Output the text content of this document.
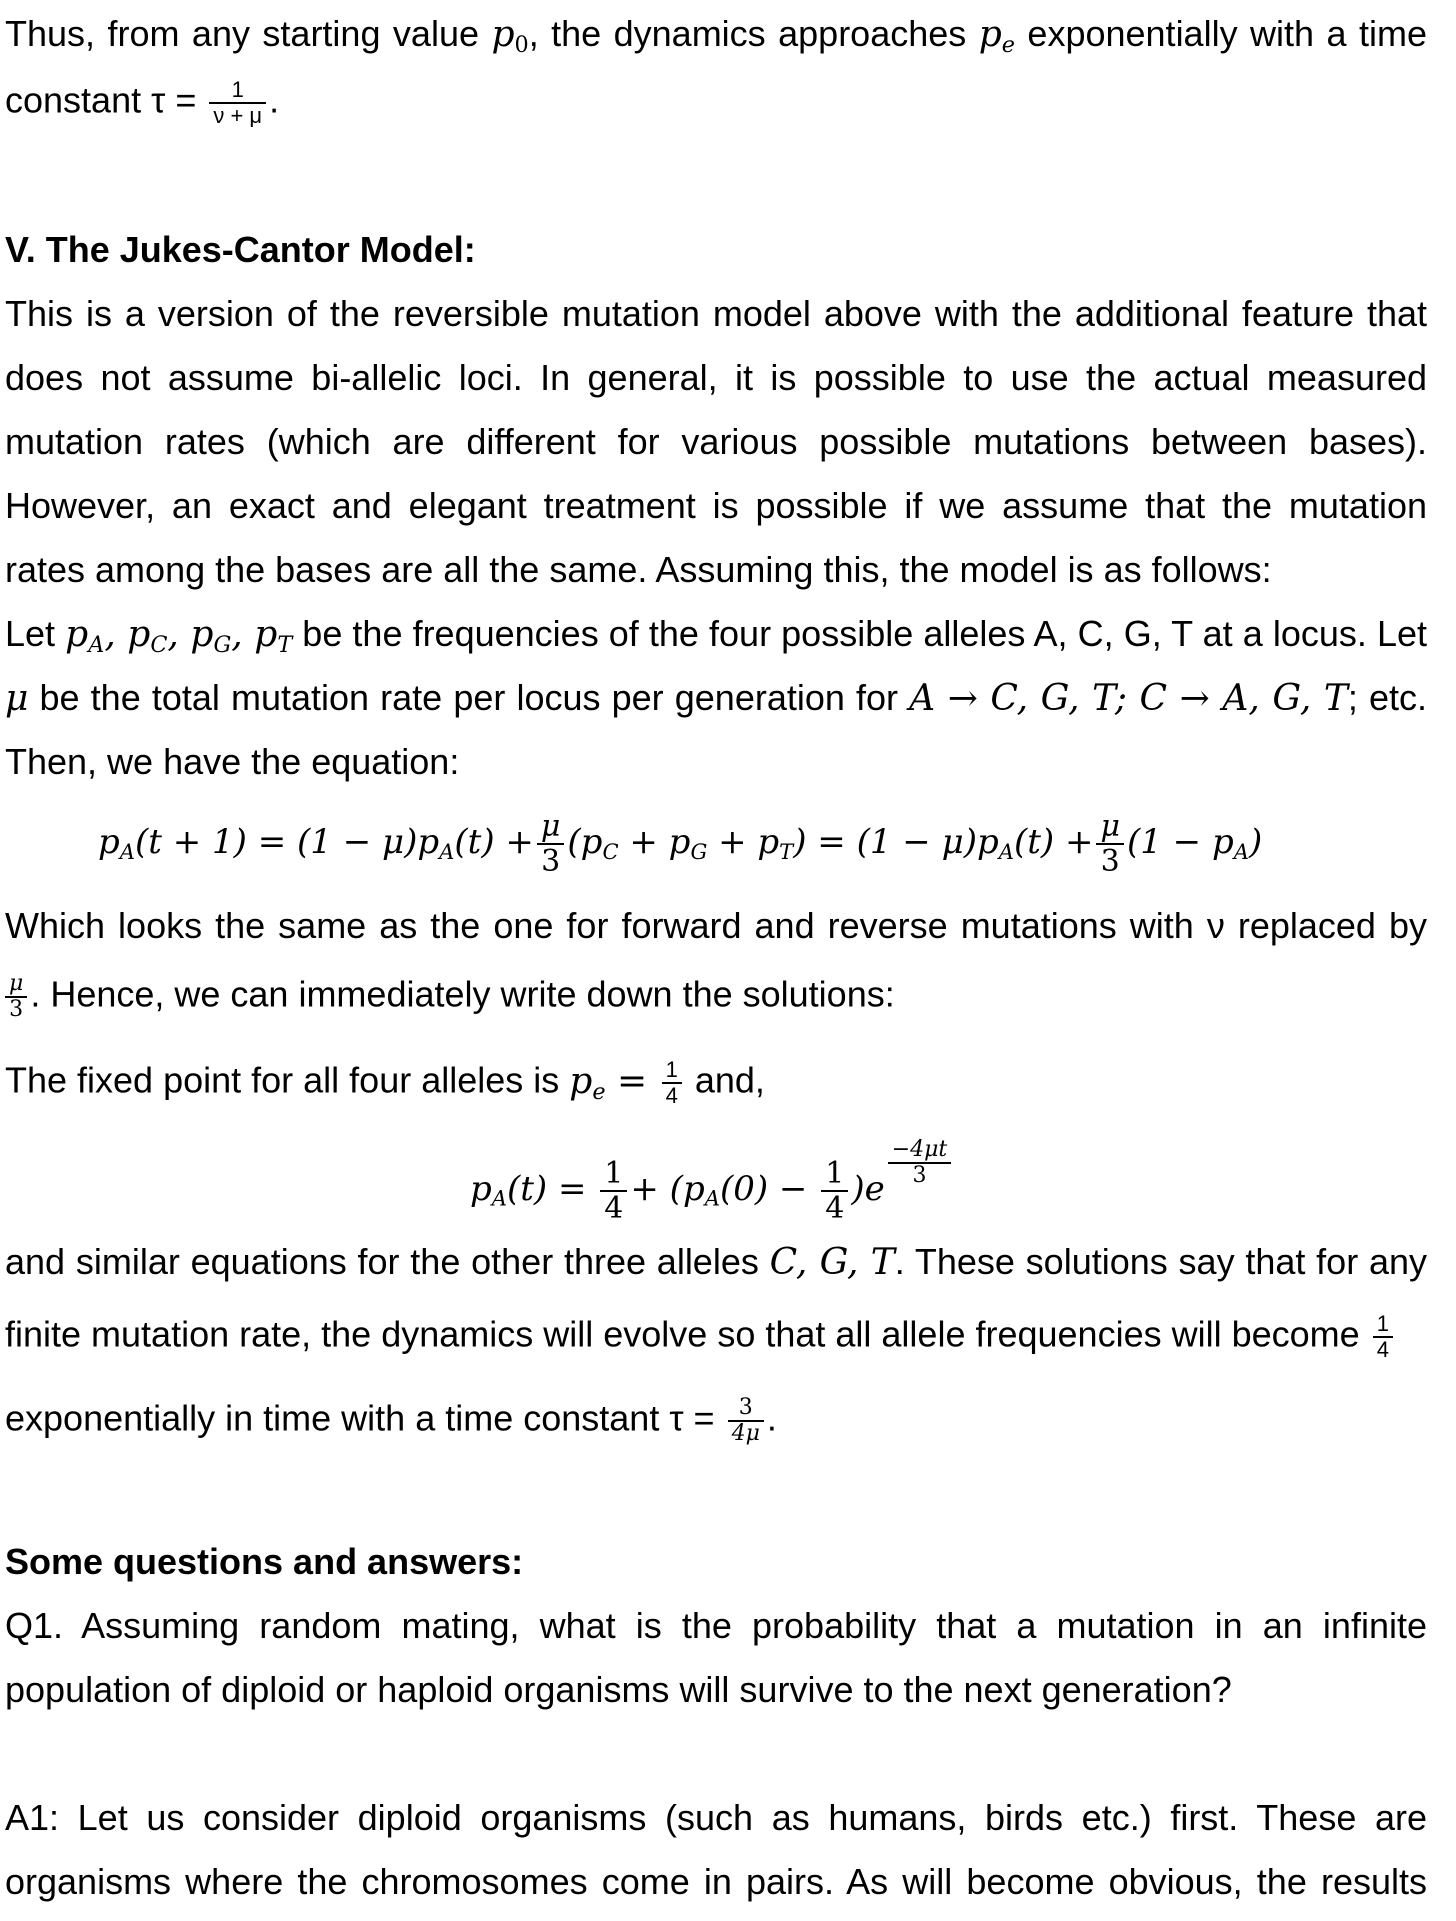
Thus, from any starting value $p_0$, the dynamics approaches $p_e$ exponentially with a time
constant $\tau = \frac{1}{\nu + \mu}$ .
V. The Jukes-Cantor Model:
This is a version of the reversible mutation model above with the additional feature that
does not assume bi-allelic loci. In general, it is possible to use the actual measured
mutation rates (which are different for various possible mutations between bases).
However, an exact and elegant treatment is possible if we assume that the mutation
rates among the bases are all the same. Assuming this, the model is as follows:
Let $p_A$, $p_C$, $p_G$, $p_T$ be the frequencies of the four possible alleles A, C, G, T at a locus. Let
μ be the total mutation rate per locus per generation for A → C, G, T; C → A, G, T; etc.
Then, we have the equation:
$p_A(t + 1) = (1 - \mu)p_A(t) + \frac{\mu}{3} (p_C + p_G + p_T) = (1 - \mu)p_A(t) + \frac{\mu}{3} (1 - p_A)$
Which looks the same as the one for forward and reverse mutations with ν replaced by
$\frac{\mu}{3}$ . Hence, we can immediately write down the solutions:
The fixed point for all four alleles is $p_e = \frac{1}{4}$ and,
$p_A(t) = \frac{1}{4} + (p_A(0) - \frac{1}{4} )e$
$\frac{-4\mu t}{3}$
and similar equations for the other three alleles C, G, T. These solutions say that for any
finite mutation rate, the dynamics will evolve so that all allele frequencies will become $\frac{1}{4}$
exponentially in time with a time constant $\tau = \frac{3}{4\mu}$ .
Some questions and answers:
Q1. Assuming random mating, what is the probability that a mutation in an infinite
population of diploid or haploid organisms will survive to the next generation?
A1: Let us consider diploid organisms (such as humans, birds etc.) first. These are
organisms where the chromosomes come in pairs. As will become obvious, the results
